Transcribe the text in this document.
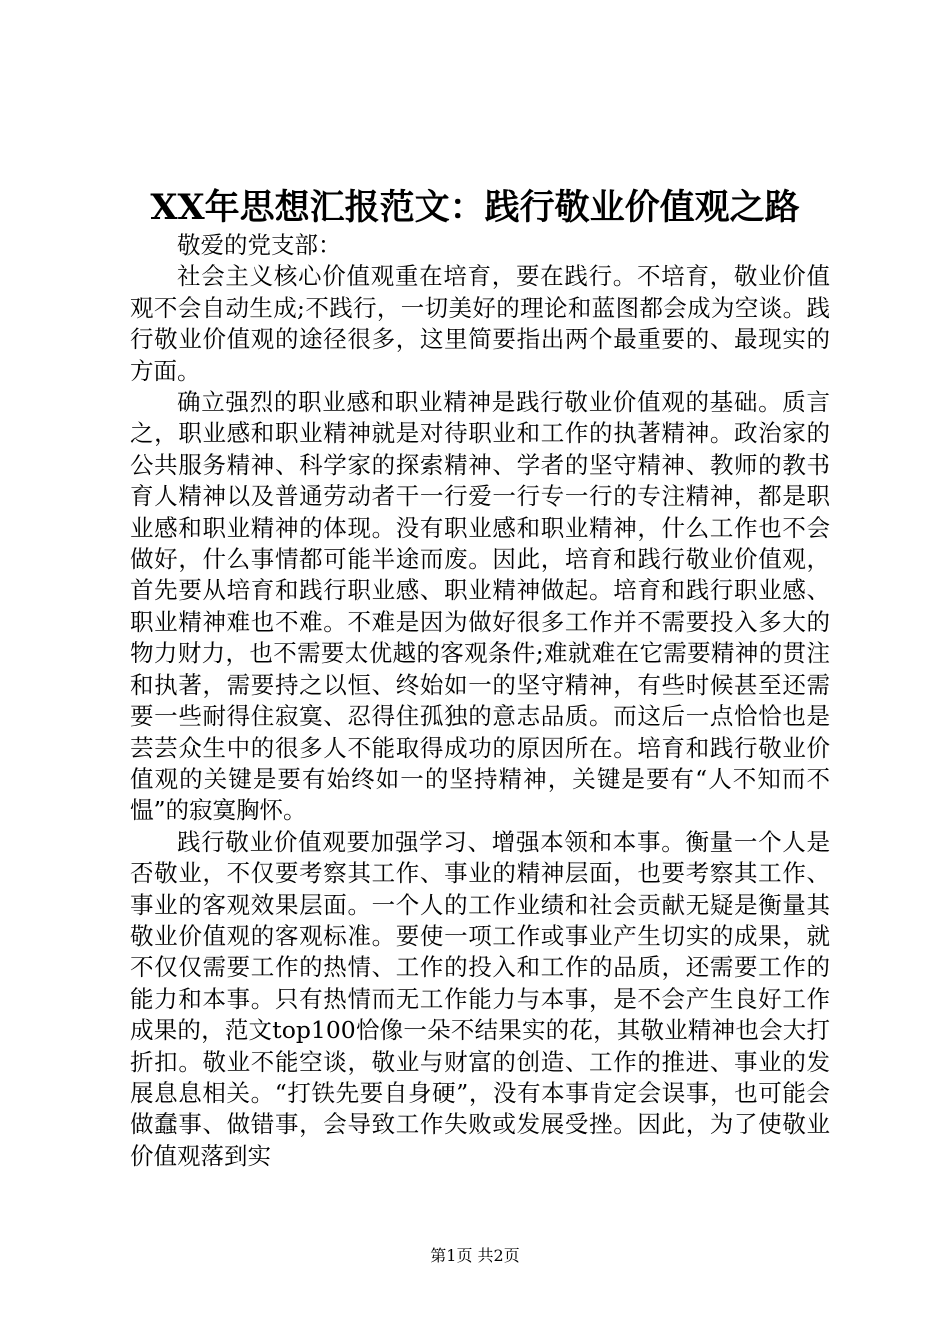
XX年思想汇报范文：践行敬业价值观之路

敬爱的党支部：

社会主义核心价值观重在培育，要在践行。不培育，敬业价值观不会自动生成;不践行，一切美好的理论和蓝图都会成为空谈。践行敬业价值观的途径很多，这里简要指出两个最重要的、最现实的方面。

确立强烈的职业感和职业精神是践行敬业价值观的基础。质言之，职业感和职业精神就是对待职业和工作的执著精神。政治家的公共服务精神、科学家的探索精神、学者的坚守精神、教师的教书育人精神以及普通劳动者干一行爱一行专一行的专注精神，都是职业感和职业精神的体现。没有职业感和职业精神，什么工作也不会做好，什么事情都可能半途而废。因此，培育和践行敬业价值观，首先要从培育和践行职业感、职业精神做起。培育和践行职业感、职业精神难也不难。不难是因为做好很多工作并不需要投入多大的物力财力，也不需要太优越的客观条件;难就难在它需要精神的贯注和执著，需要持之以恒、终始如一的坚守精神，有些时候甚至还需要一些耐得住寂寞、忍得住孤独的意志品质。而这后一点恰恰也是芸芸众生中的很多人不能取得成功的原因所在。培育和践行敬业价值观的关键是要有始终如一的坚持精神，关键是要有“人不知而不愠”的寂寞胸怀。

践行敬业价值观要加强学习、增强本领和本事。衡量一个人是否敬业，不仅要考察其工作、事业的精神层面，也要考察其工作、事业的客观效果层面。一个人的工作业绩和社会贡献无疑是衡量其敬业价值观的客观标准。要使一项工作或事业产生切实的成果，就不仅仅需要工作的热情、工作的投入和工作的品质，还需要工作的能力和本事。只有热情而无工作能力与本事，是不会产生良好工作成果的，范文top100恰像一朵不结果实的花，其敬业精神也会大打折扣。敬业不能空谈，敬业与财富的创造、工作的推进、事业的发展息息相关。“打铁先要自身硬”，没有本事肯定会误事，也可能会做蠢事、做错事，会导致工作失败或发展受挫。因此，为了使敬业价值观落到实

第1页 共2页
